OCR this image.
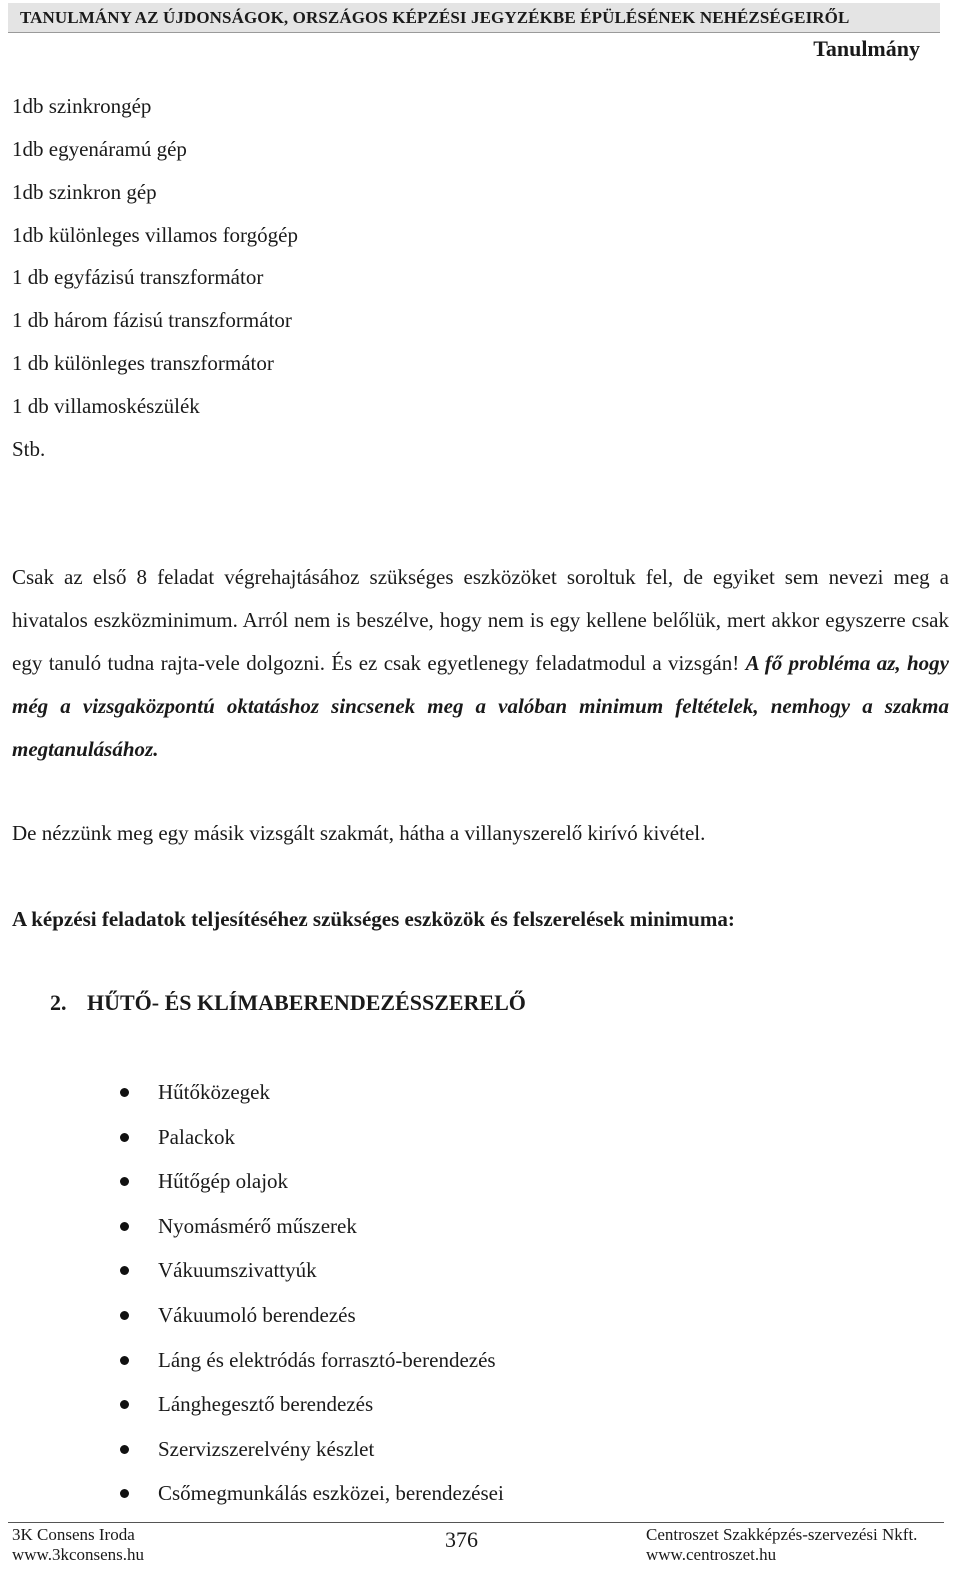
TANULMÁNY AZ ÚJDONSÁGOK, ORSZÁGOS KÉPZÉSI JEGYZÉKBE ÉPÜLÉSÉNEK NEHÉZSÉGEIRŐL
Tanulmány
1db szinkrongép
1db egyenáramú gép
1db szinkron gép
1db különleges villamos forgógép
1 db egyfázisú transzformátor
1 db három fázisú transzformátor
1 db különleges transzformátor
1 db villamoskészülék
Stb.

Csak az első 8 feladat végrehajtásához szükséges eszközöket soroltuk fel, de egyiket sem nevezi meg a hivatalos eszközminimum. Arról nem is beszélve, hogy nem is egy kellene belőlük, mert akkor egyszerre csak egy tanuló tudna rajta-vele dolgozni. És ez csak egyetlenegy feladatmodul a vizsgán! A fő probléma az, hogy még a vizsgaközpontú oktatáshoz sincsenek meg a valóban minimum feltételek, nemhogy a szakma megtanulásához.

De nézzünk meg egy másik vizsgált szakmát, hátha a villanyszerelő kirívó kivétel.
A képzési feladatok teljesítéséhez szükséges eszközök és felszerelések minimuma:
2. HŰTŐ- ÉS KLÍMABERENDEZÉSSZERELŐ
Hűtőközegek
Palackok
Hűtőgép olajok
Nyomásmérő műszerek
Vákuumszivattyúk
Vákuumoló berendezés
Láng és elektródás forrasztó-berendezés
Lánghegesztő berendezés
Szervizszerelvény készlet
Csőmegmunkálás eszközei, berendezései
3K Consens Iroda
www.3kconsens.hu
376	Centroszet Szakképzés-szervezési Nkft.
www.centroszet.hu
